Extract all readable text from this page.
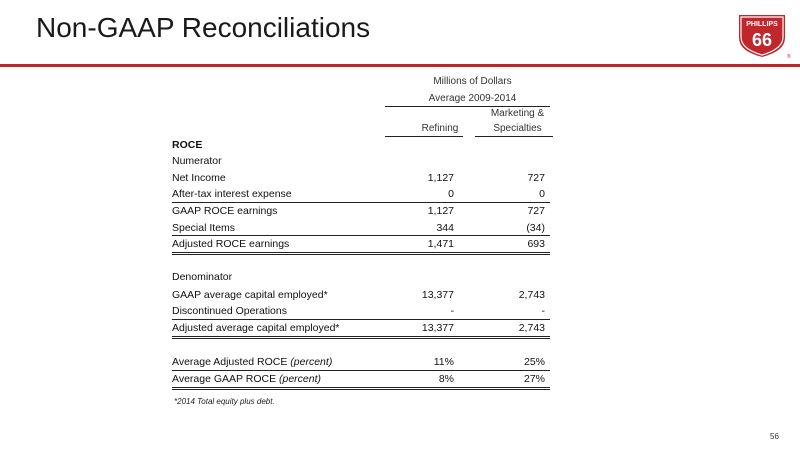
Non-GAAP Reconciliations	PHILLIPS
66
®
Millions of Dollars
Average 2009-2014
Refining
Marketing &
Specialties
ROCE
Numerator
Net Income	1,127	727
After-tax interest expense	0	0
GAAP ROCE earnings	1,127	727
Special Items	344	(34)
Adjusted ROCE earnings	1,471	693
Denominator
GAAP average capital employed*	13,377	2,743
Discontinued Operations	-	-
Adjusted average capital employed*	13,377	2,743
Average Adjusted ROCE (percent)	11%	25%
Average GAAP ROCE (percent)	8%	27%
*2014 Total equity plus debt.
56
